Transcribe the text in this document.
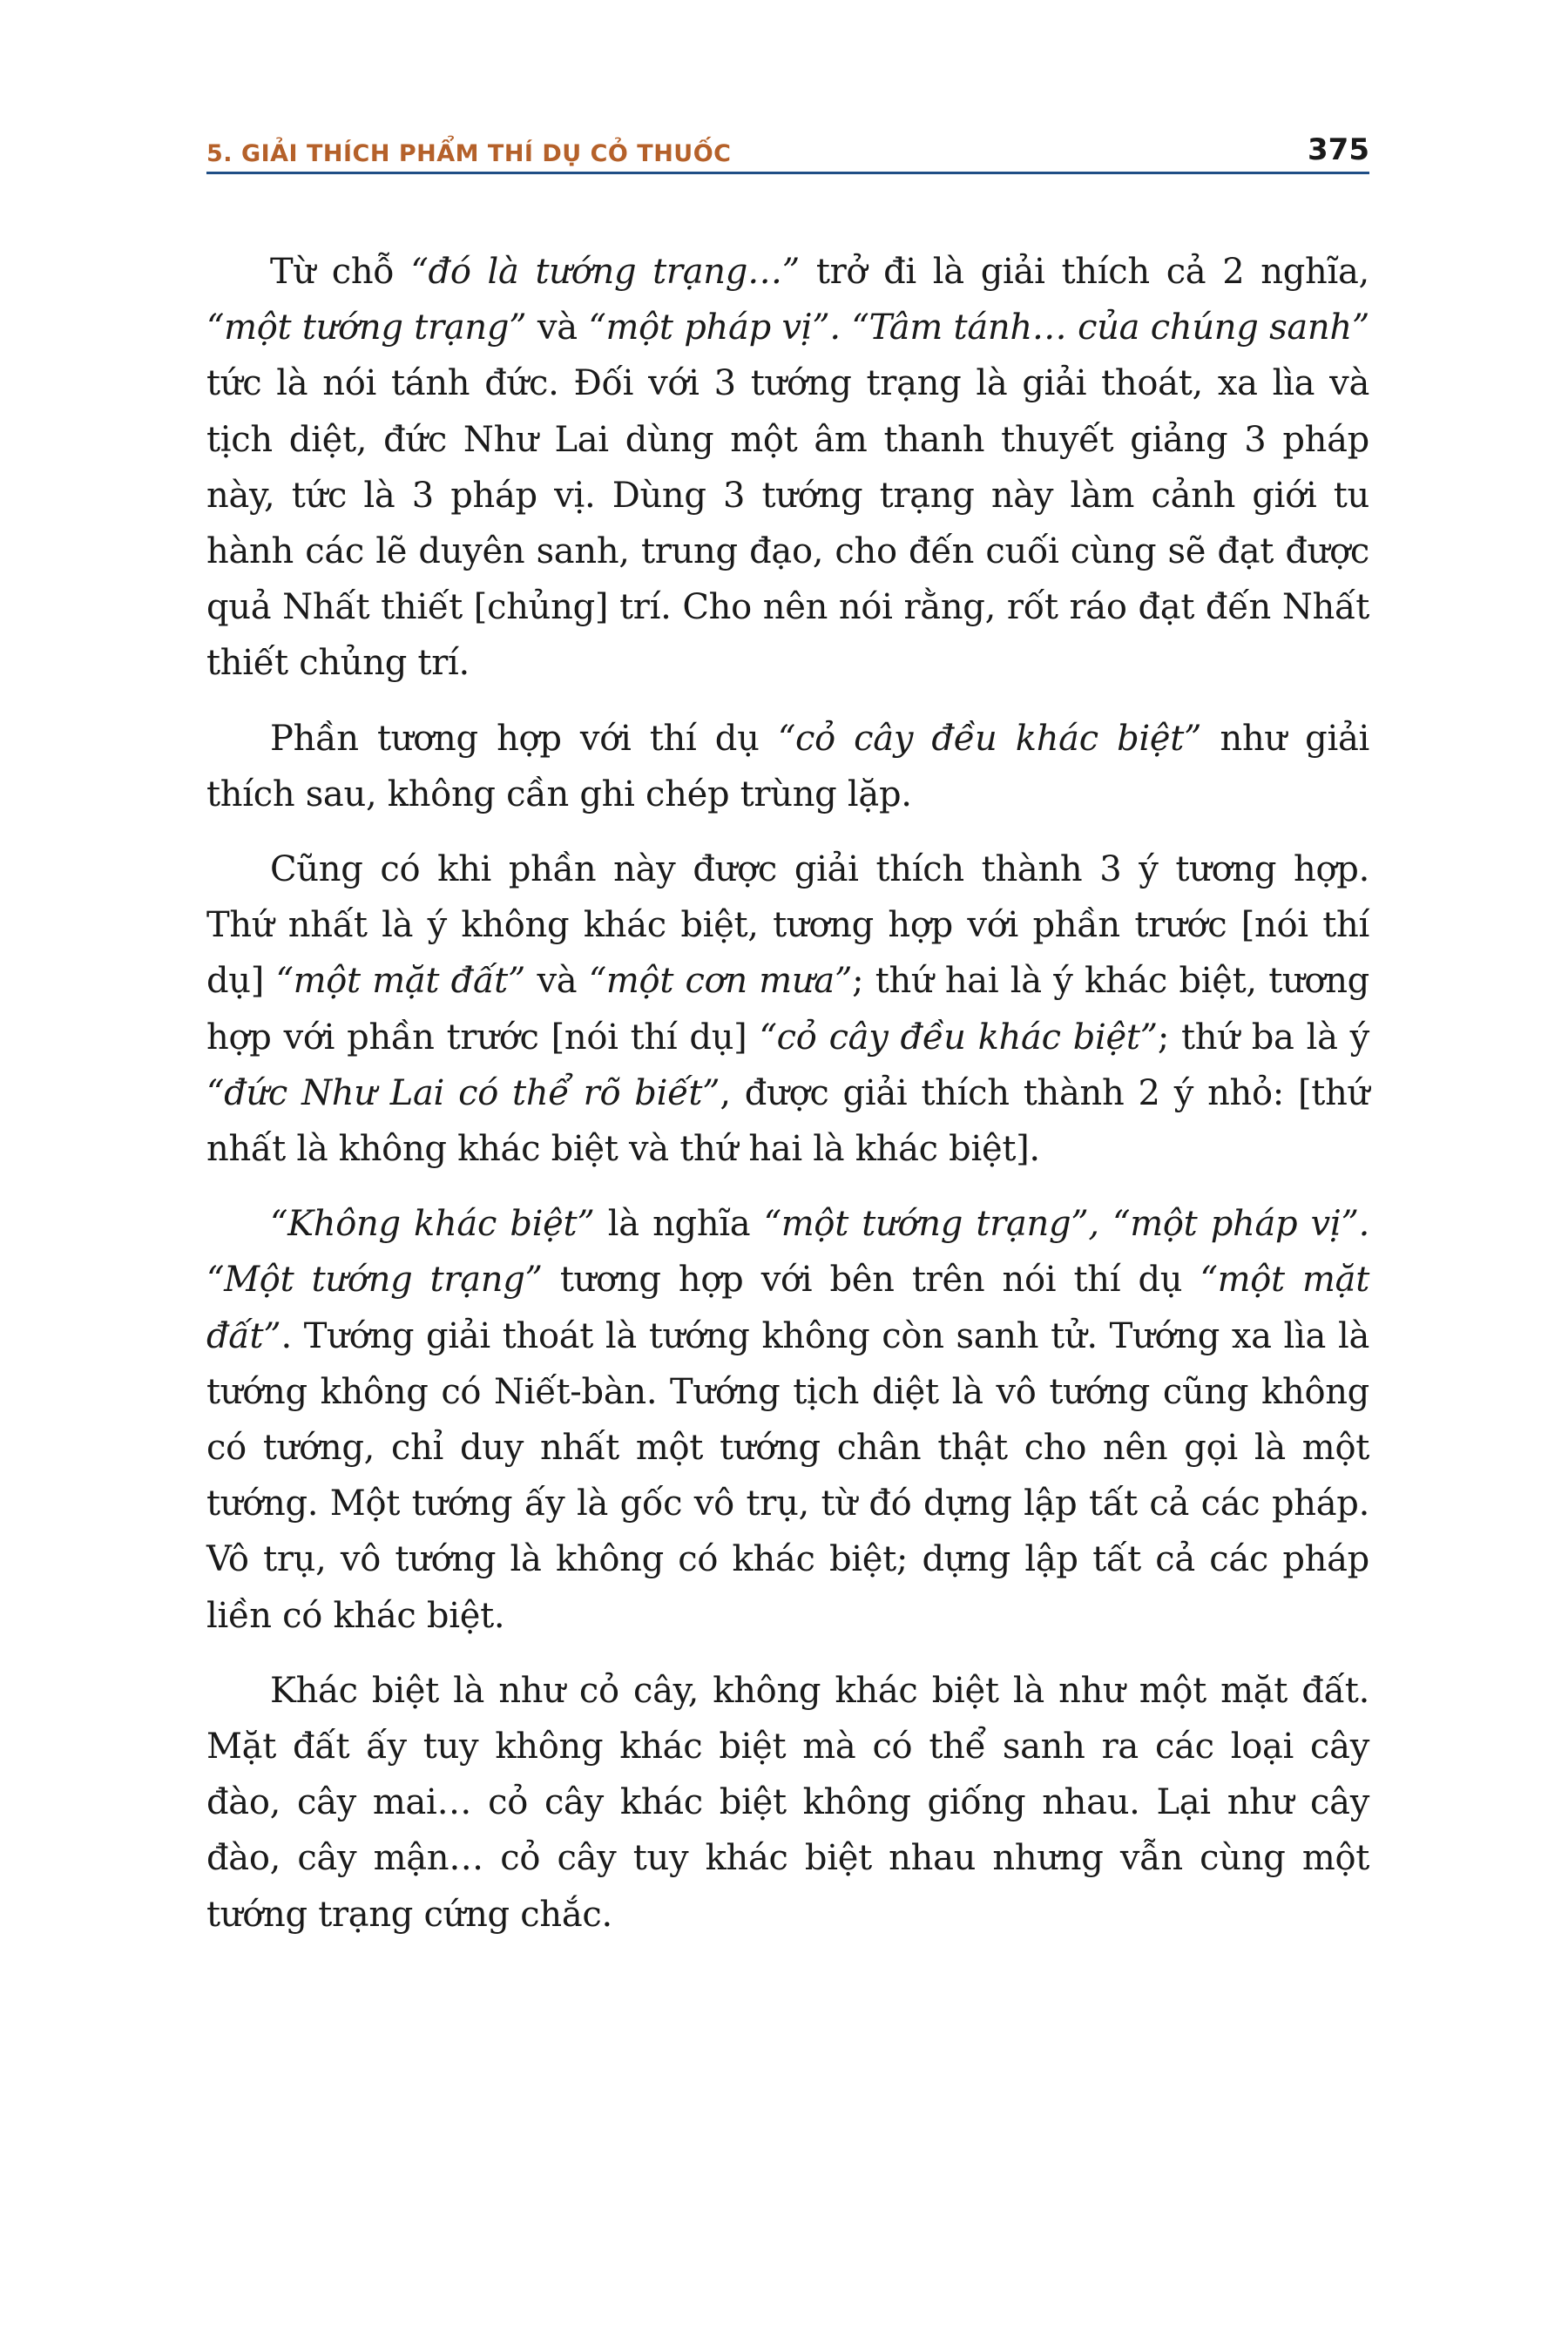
5. GIẢI THÍCH PHẨM THÍ DỤ CỎ THUỐC	375

Từ chỗ “đó là tướng trạng…” trở đi là giải thích cả 2 nghĩa, “một tướng trạng” và “một pháp vị”. “Tâm tánh… của chúng sanh” tức là nói tánh đức. Đối với 3 tướng trạng là giải thoát, xa lìa và tịch diệt, đức Như Lai dùng một âm thanh thuyết giảng 3 pháp này, tức là 3 pháp vị. Dùng 3 tướng trạng này làm cảnh giới tu hành các lẽ duyên sanh, trung đạo, cho đến cuối cùng sẽ đạt được quả Nhất thiết [chủng] trí. Cho nên nói rằng, rốt ráo đạt đến Nhất thiết chủng trí.

Phần tương hợp với thí dụ “cỏ cây đều khác biệt” như giải thích sau, không cần ghi chép trùng lặp.

Cũng có khi phần này được giải thích thành 3 ý tương hợp. Thứ nhất là ý không khác biệt, tương hợp với phần trước [nói thí dụ] “một mặt đất” và “một cơn mưa”; thứ hai là ý khác biệt, tương hợp với phần trước [nói thí dụ] “cỏ cây đều khác biệt”; thứ ba là ý “đức Như Lai có thể rõ biết”, được giải thích thành 2 ý nhỏ: [thứ nhất là không khác biệt và thứ hai là khác biệt].

“Không khác biệt” là nghĩa “một tướng trạng”, “một pháp vị”. “Một tướng trạng” tương hợp với bên trên nói thí dụ “một mặt đất”. Tướng giải thoát là tướng không còn sanh tử. Tướng xa lìa là tướng không có Niết-bàn. Tướng tịch diệt là vô tướng cũng không có tướng, chỉ duy nhất một tướng chân thật cho nên gọi là một tướng. Một tướng ấy là gốc vô trụ, từ đó dựng lập tất cả các pháp. Vô trụ, vô tướng là không có khác biệt; dựng lập tất cả các pháp liền có khác biệt.

Khác biệt là như cỏ cây, không khác biệt là như một mặt đất. Mặt đất ấy tuy không khác biệt mà có thể sanh ra các loại cây đào, cây mai… cỏ cây khác biệt không giống nhau. Lại như cây đào, cây mận… cỏ cây tuy khác biệt nhau nhưng vẫn cùng một tướng trạng cứng chắc.
